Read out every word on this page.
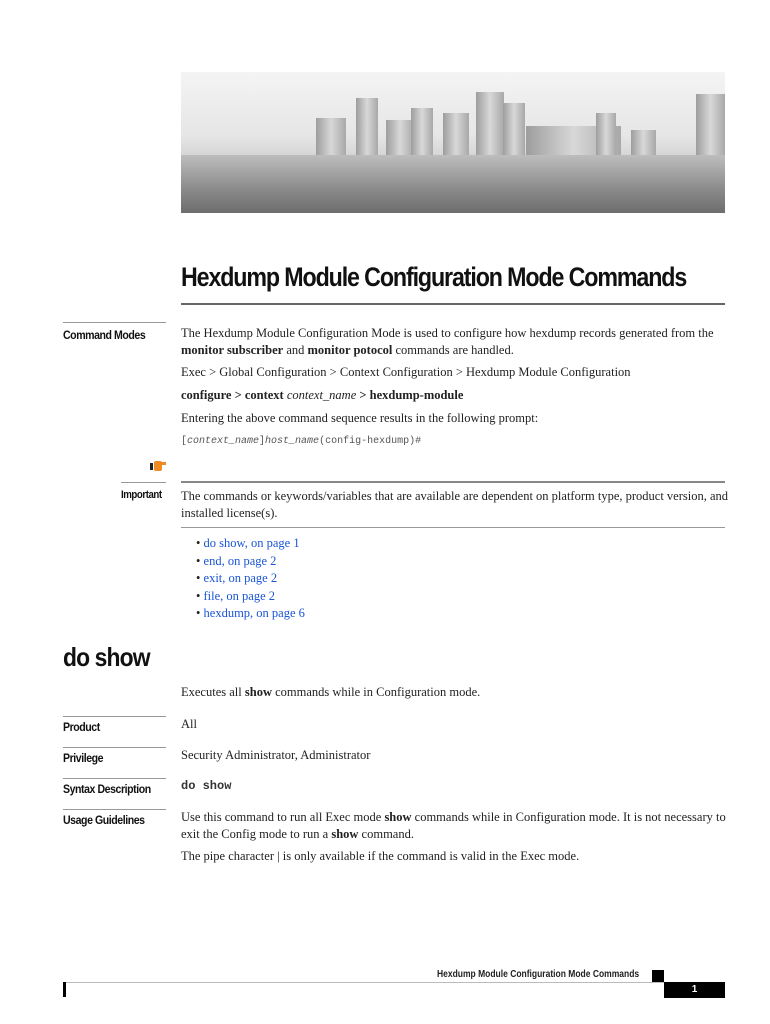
Hexdump Module Configuration Mode Commands
Command Modes	The Hexdump Module Configuration Mode is used to configure how hexdump records generated from the monitor subscriber and monitor potocol commands are handled.
Exec > Global Configuration > Context Configuration > Hexdump Module Configuration
configure > context context_name > hexdump-module
Entering the above command sequence results in the following prompt:
[context_name]host_name(config-hexdump)#
Important The commands or keywords/variables that are available are dependent on platform type, product version, and installed license(s).
• do show, on page 1
• end, on page 2
• exit, on page 2
• file, on page 2
• hexdump, on page 6
do show
Executes all show commands while in Configuration mode.
Product	All
Privilege	Security Administrator, Administrator
Syntax Description	do show
Usage Guidelines	Use this command to run all Exec mode show commands while in Configuration mode. It is not necessary to exit the Config mode to run a show command.
The pipe character | is only available if the command is valid in the Exec mode.
Hexdump Module Configuration Mode Commands
1
